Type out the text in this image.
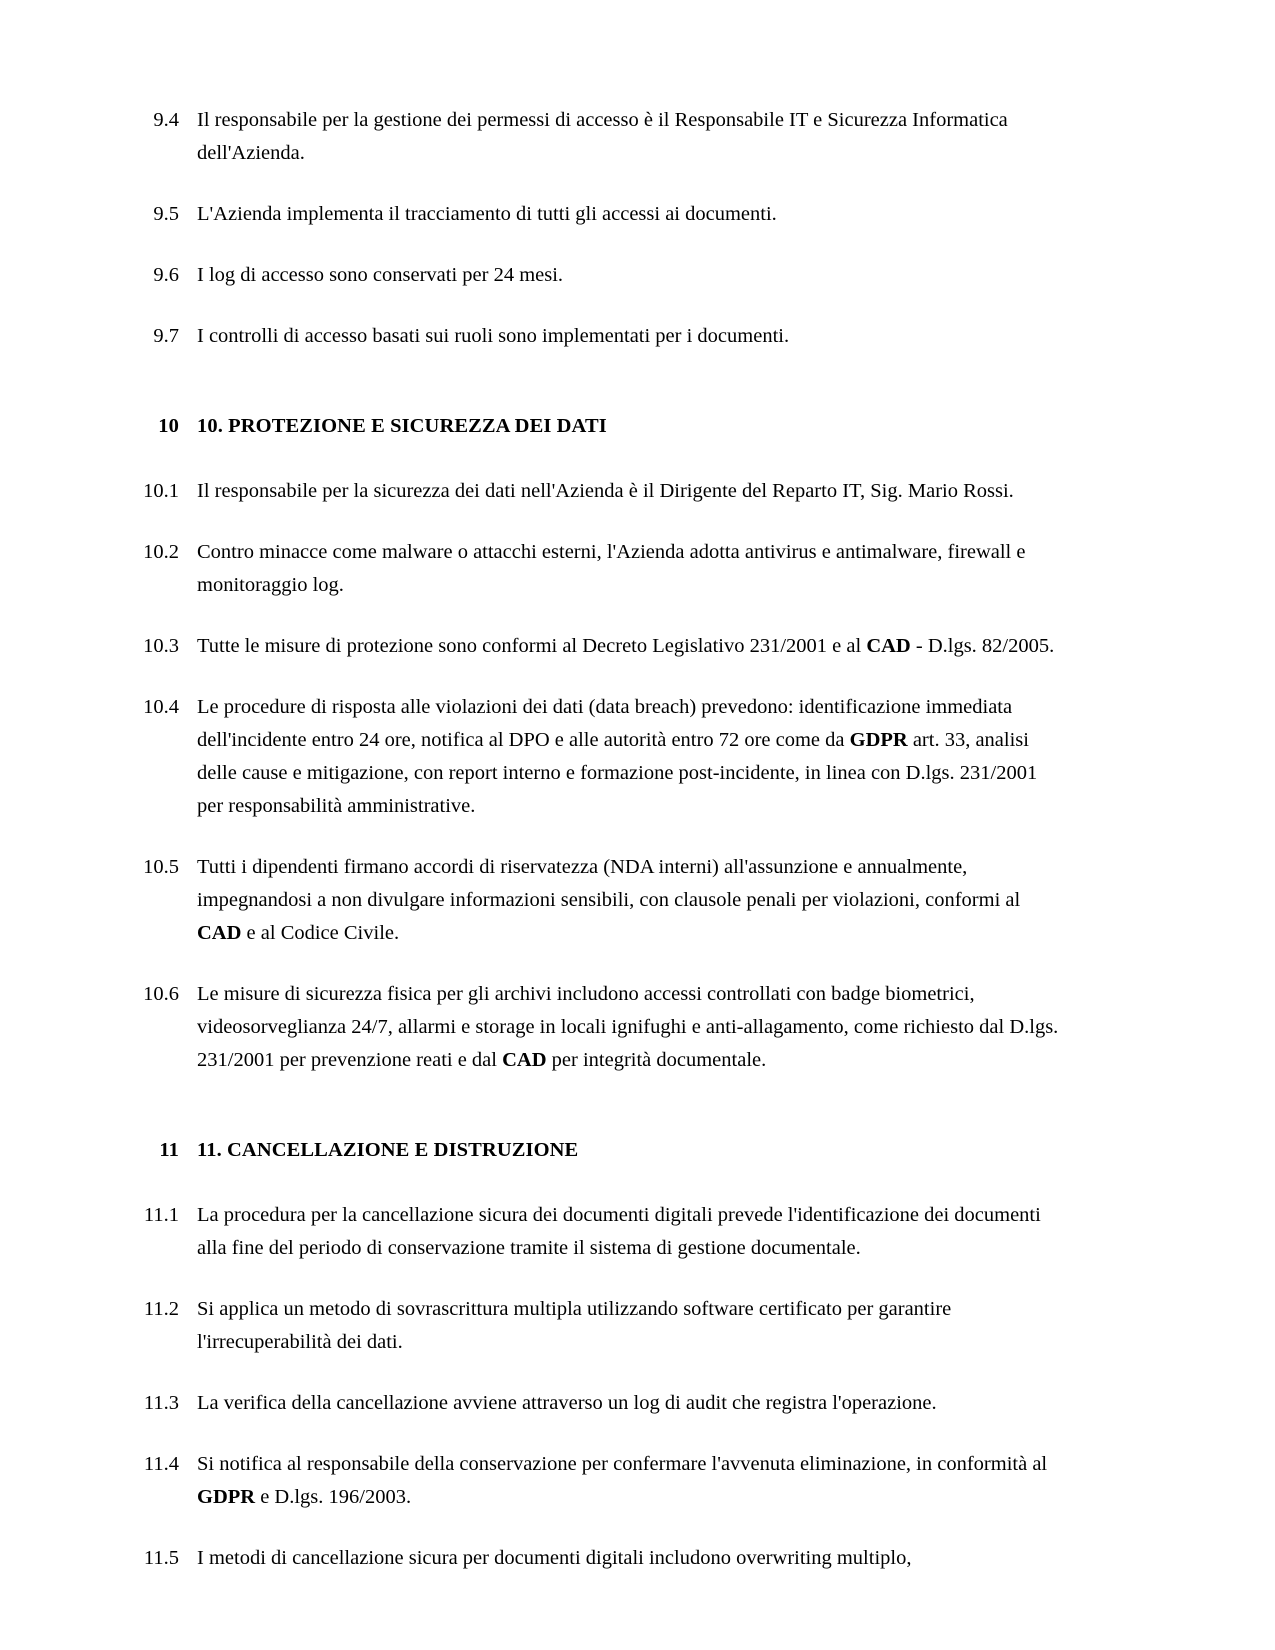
9.4 Il responsabile per la gestione dei permessi di accesso è il Responsabile IT e Sicurezza Informatica dell'Azienda.
9.5 L'Azienda implementa il tracciamento di tutti gli accessi ai documenti.
9.6 I log di accesso sono conservati per 24 mesi.
9.7 I controlli di accesso basati sui ruoli sono implementati per i documenti.
10 10. PROTEZIONE E SICUREZZA DEI DATI
10.1 Il responsabile per la sicurezza dei dati nell'Azienda è il Dirigente del Reparto IT, Sig. Mario Rossi.
10.2 Contro minacce come malware o attacchi esterni, l'Azienda adotta antivirus e antimalware, firewall e monitoraggio log.
10.3 Tutte le misure di protezione sono conformi al Decreto Legislativo 231/2001 e al CAD - D.lgs. 82/2005.
10.4 Le procedure di risposta alle violazioni dei dati (data breach) prevedono: identificazione immediata dell'incidente entro 24 ore, notifica al DPO e alle autorità entro 72 ore come da GDPR art. 33, analisi delle cause e mitigazione, con report interno e formazione post-incidente, in linea con D.lgs. 231/2001 per responsabilità amministrative.
10.5 Tutti i dipendenti firmano accordi di riservatezza (NDA interni) all'assunzione e annualmente, impegnandosi a non divulgare informazioni sensibili, con clausole penali per violazioni, conformi al CAD e al Codice Civile.
10.6 Le misure di sicurezza fisica per gli archivi includono accessi controllati con badge biometrici, videosorveglianza 24/7, allarmi e storage in locali ignifughi e anti-allagamento, come richiesto dal D.lgs. 231/2001 per prevenzione reati e dal CAD per integrità documentale.
11 11. CANCELLAZIONE E DISTRUZIONE
11.1 La procedura per la cancellazione sicura dei documenti digitali prevede l'identificazione dei documenti alla fine del periodo di conservazione tramite il sistema di gestione documentale.
11.2 Si applica un metodo di sovrascrittura multipla utilizzando software certificato per garantire l'irrecuperabilità dei dati.
11.3 La verifica della cancellazione avviene attraverso un log di audit che registra l'operazione.
11.4 Si notifica al responsabile della conservazione per confermare l'avvenuta eliminazione, in conformità al GDPR e D.lgs. 196/2003.
11.5 I metodi di cancellazione sicura per documenti digitali includono overwriting multiplo,
